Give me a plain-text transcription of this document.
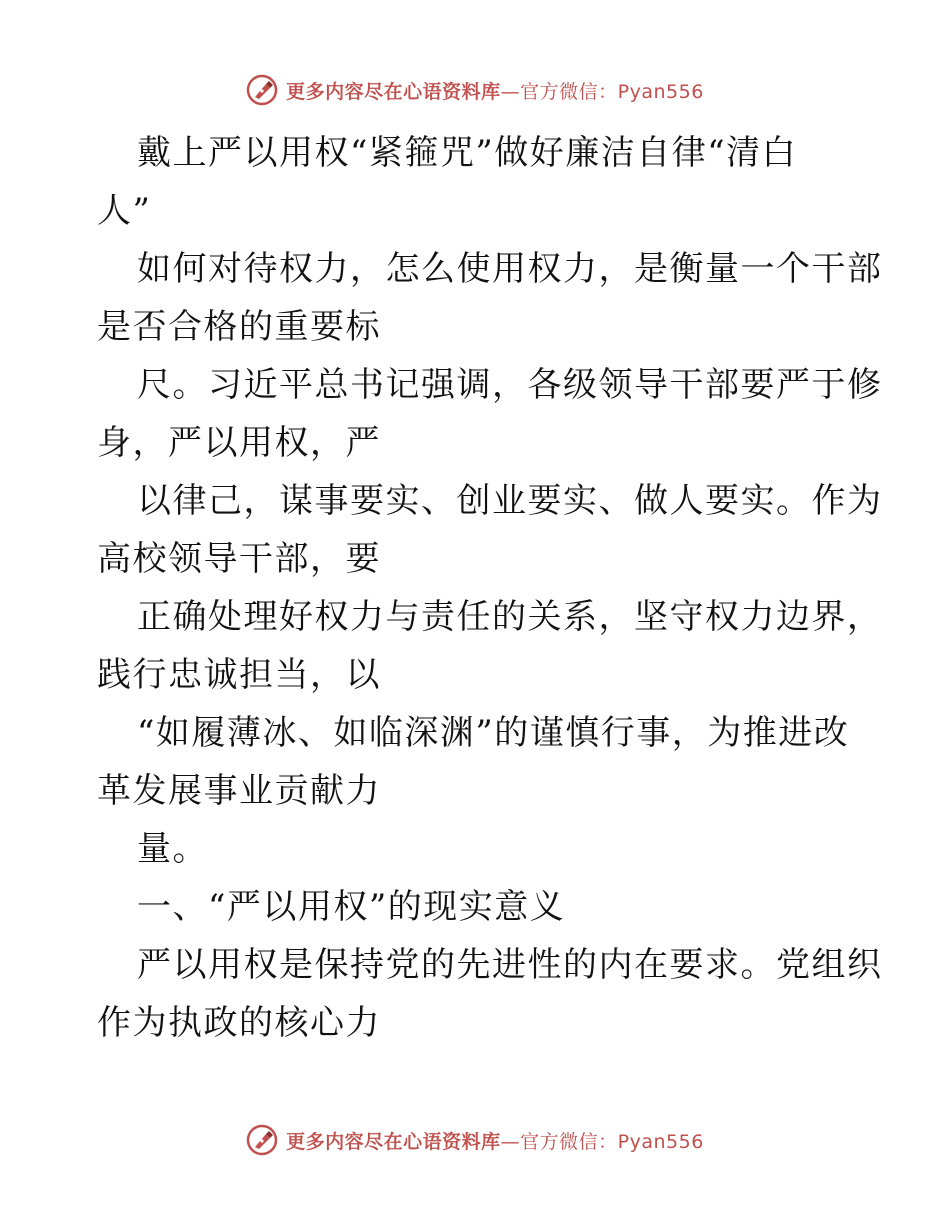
更多内容尽在心语资料库—官方微信：Pyan556
戴上严以用权“紧箍咒”做好廉洁自律“清白
人”
如何对待权力，怎么使用权力，是衡量一个干部
是否合格的重要标
尺。习近平总书记强调，各级领导干部要严于修
身，严以用权，严
以律己，谋事要实、创业要实、做人要实。作为
高校领导干部，要
正确处理好权力与责任的关系，坚守权力边界，
践行忠诚担当，以
“如履薄冰、如临深渊”的谨慎行事，为推进改
革发展事业贡献力
量。
一、“严以用权”的现实意义
严以用权是保持党的先进性的内在要求。党组织
作为执政的核心力
更多内容尽在心语资料库—官方微信：Pyan556
